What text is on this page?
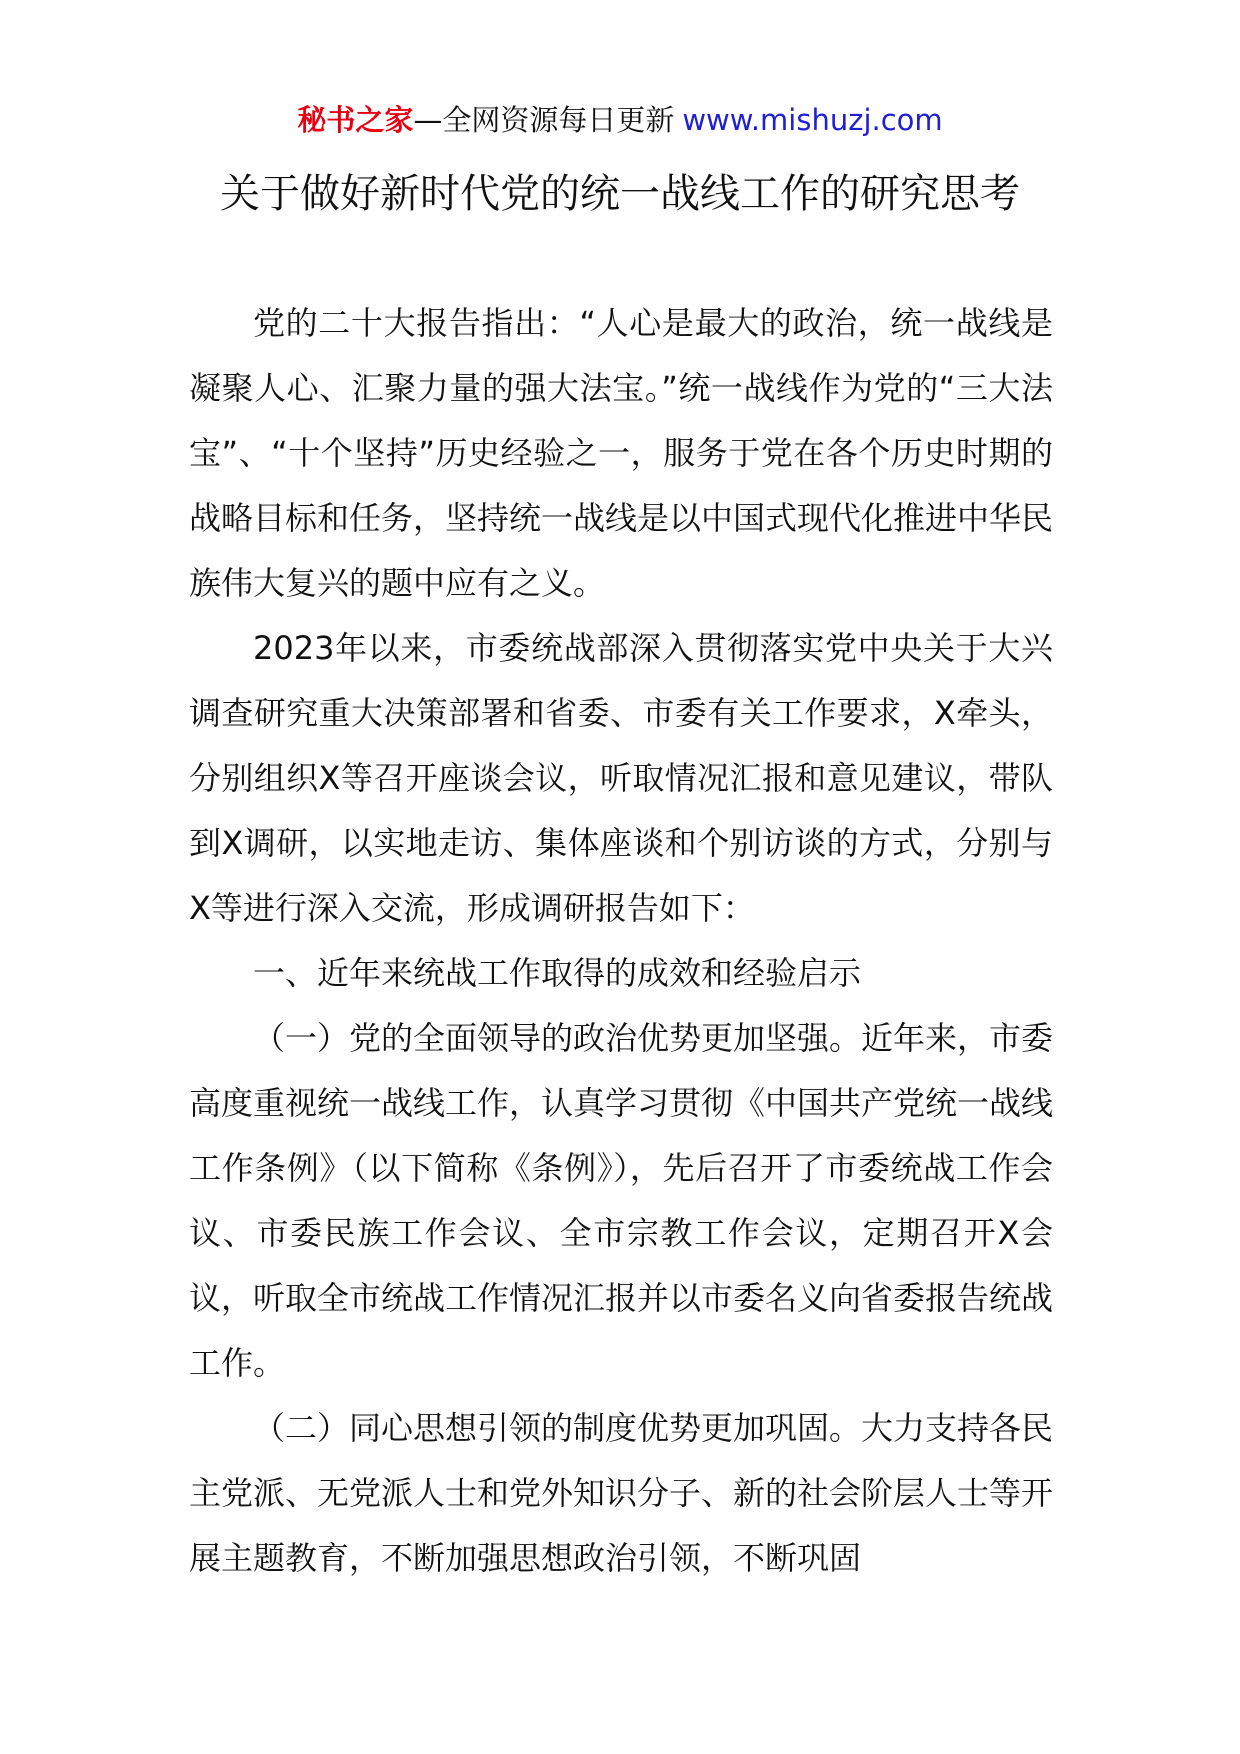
秘书之家—全网资源每日更新 www.mishuzj.com
关于做好新时代党的统一战线工作的研究思考

党的二十大报告指出：“人心是最大的政治，统一战线是凝聚人心、汇聚力量的强大法宝。”统一战线作为党的“三大法宝”、“十个坚持”历史经验之一，服务于党在各个历史时期的战略目标和任务，坚持统一战线是以中国式现代化推进中华民族伟大复兴的题中应有之义。

2023年以来，市委统战部深入贯彻落实党中央关于大兴调查研究重大决策部署和省委、市委有关工作要求，X牵头，分别组织X等召开座谈会议，听取情况汇报和意见建议，带队到X调研，以实地走访、集体座谈和个别访谈的方式，分别与X等进行深入交流，形成调研报告如下：

一、近年来统战工作取得的成效和经验启示

（一）党的全面领导的政治优势更加坚强。近年来，市委高度重视统一战线工作，认真学习贯彻《中国共产党统一战线工作条例》（以下简称《条例》），先后召开了市委统战工作会议、市委民族工作会议、全市宗教工作会议，定期召开X会议，听取全市统战工作情况汇报并以市委名义向省委报告统战工作。

（二）同心思想引领的制度优势更加巩固。大力支持各民主党派、无党派人士和党外知识分子、新的社会阶层人士等开展主题教育，不断加强思想政治引领，不断巩固
